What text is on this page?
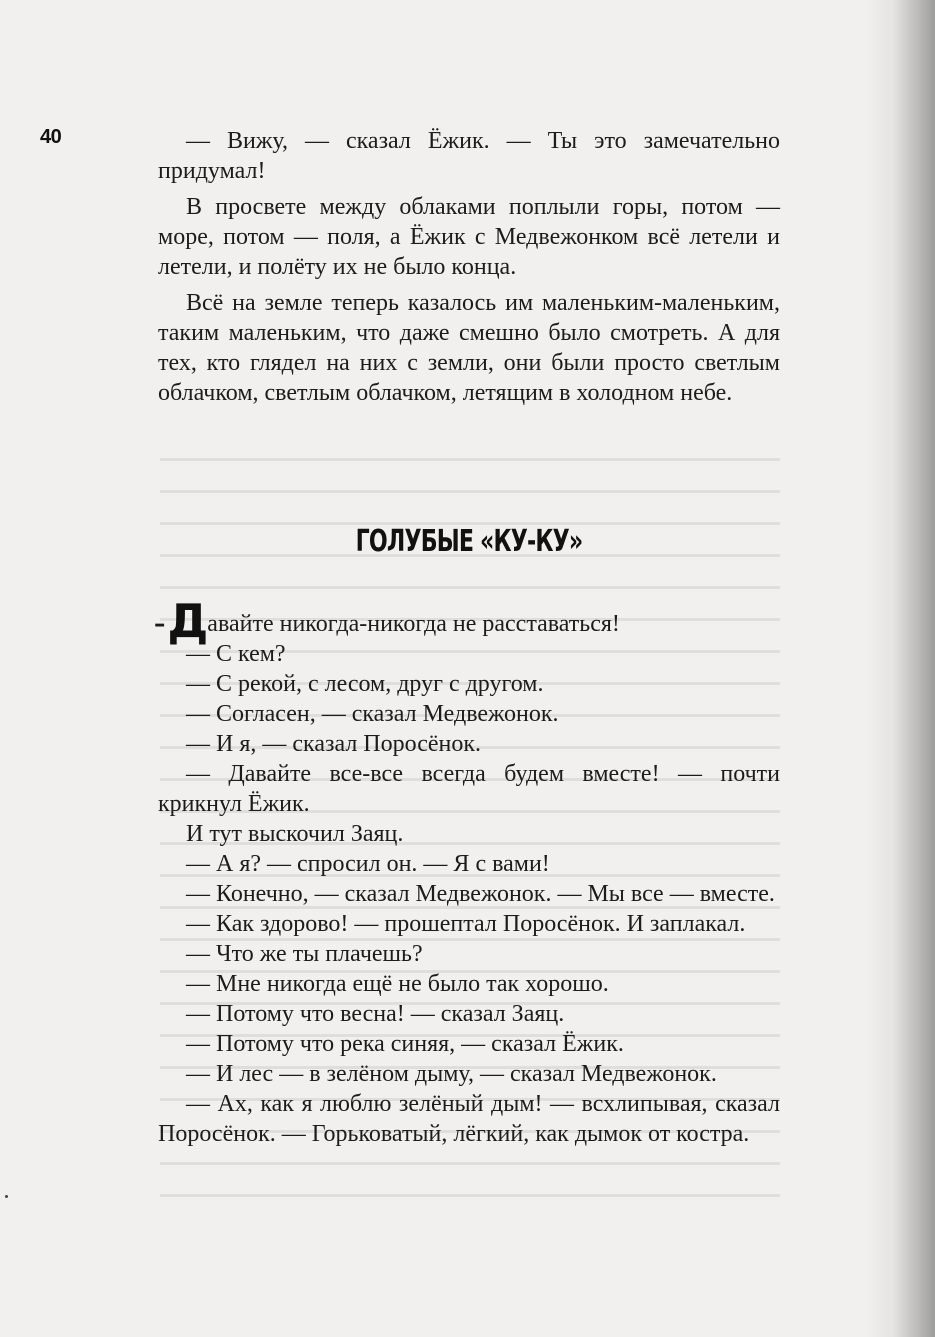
40	— Вижу, — сказал Ёжик. — Ты это замечательно придумал!

В просвете между облаками поплыли горы, потом — море, потом — поля, а Ёжик с Медвежонком всё летели и летели, и полёту их не было конца.

Всё на земле теперь казалось им маленьким-маленьким, таким маленьким, что даже смешно было смотреть. А для тех, кто глядел на них с земли, они были просто светлым облачком, светлым облачком, летящим в холодном небе.

ГОЛУБЫЕ «КУ-КУ»

-Давайте никогда-никогда не расставаться!

— С кем?

— С рекой, с лесом, друг с другом.

— Согласен, — сказал Медвежонок.

— И я, — сказал Поросёнок.

— Давайте все-все всегда будем вместе! — почти крикнул Ёжик.

И тут выскочил Заяц.

— А я? — спросил он. — Я с вами!

— Конечно, — сказал Медвежонок. — Мы все — вместе.

— Как здорово! — прошептал Поросёнок. И заплакал.

— Что же ты плачешь?

— Мне никогда ещё не было так хорошо.

— Потому что весна! — сказал Заяц.

— Потому что река синяя, — сказал Ёжик.

— И лес — в зелёном дыму, — сказал Медвежонок.

— Ах, как я люблю зелёный дым! — всхлипывая, сказал Поросёнок. — Горьковатый, лёгкий, как дымок от костра.
